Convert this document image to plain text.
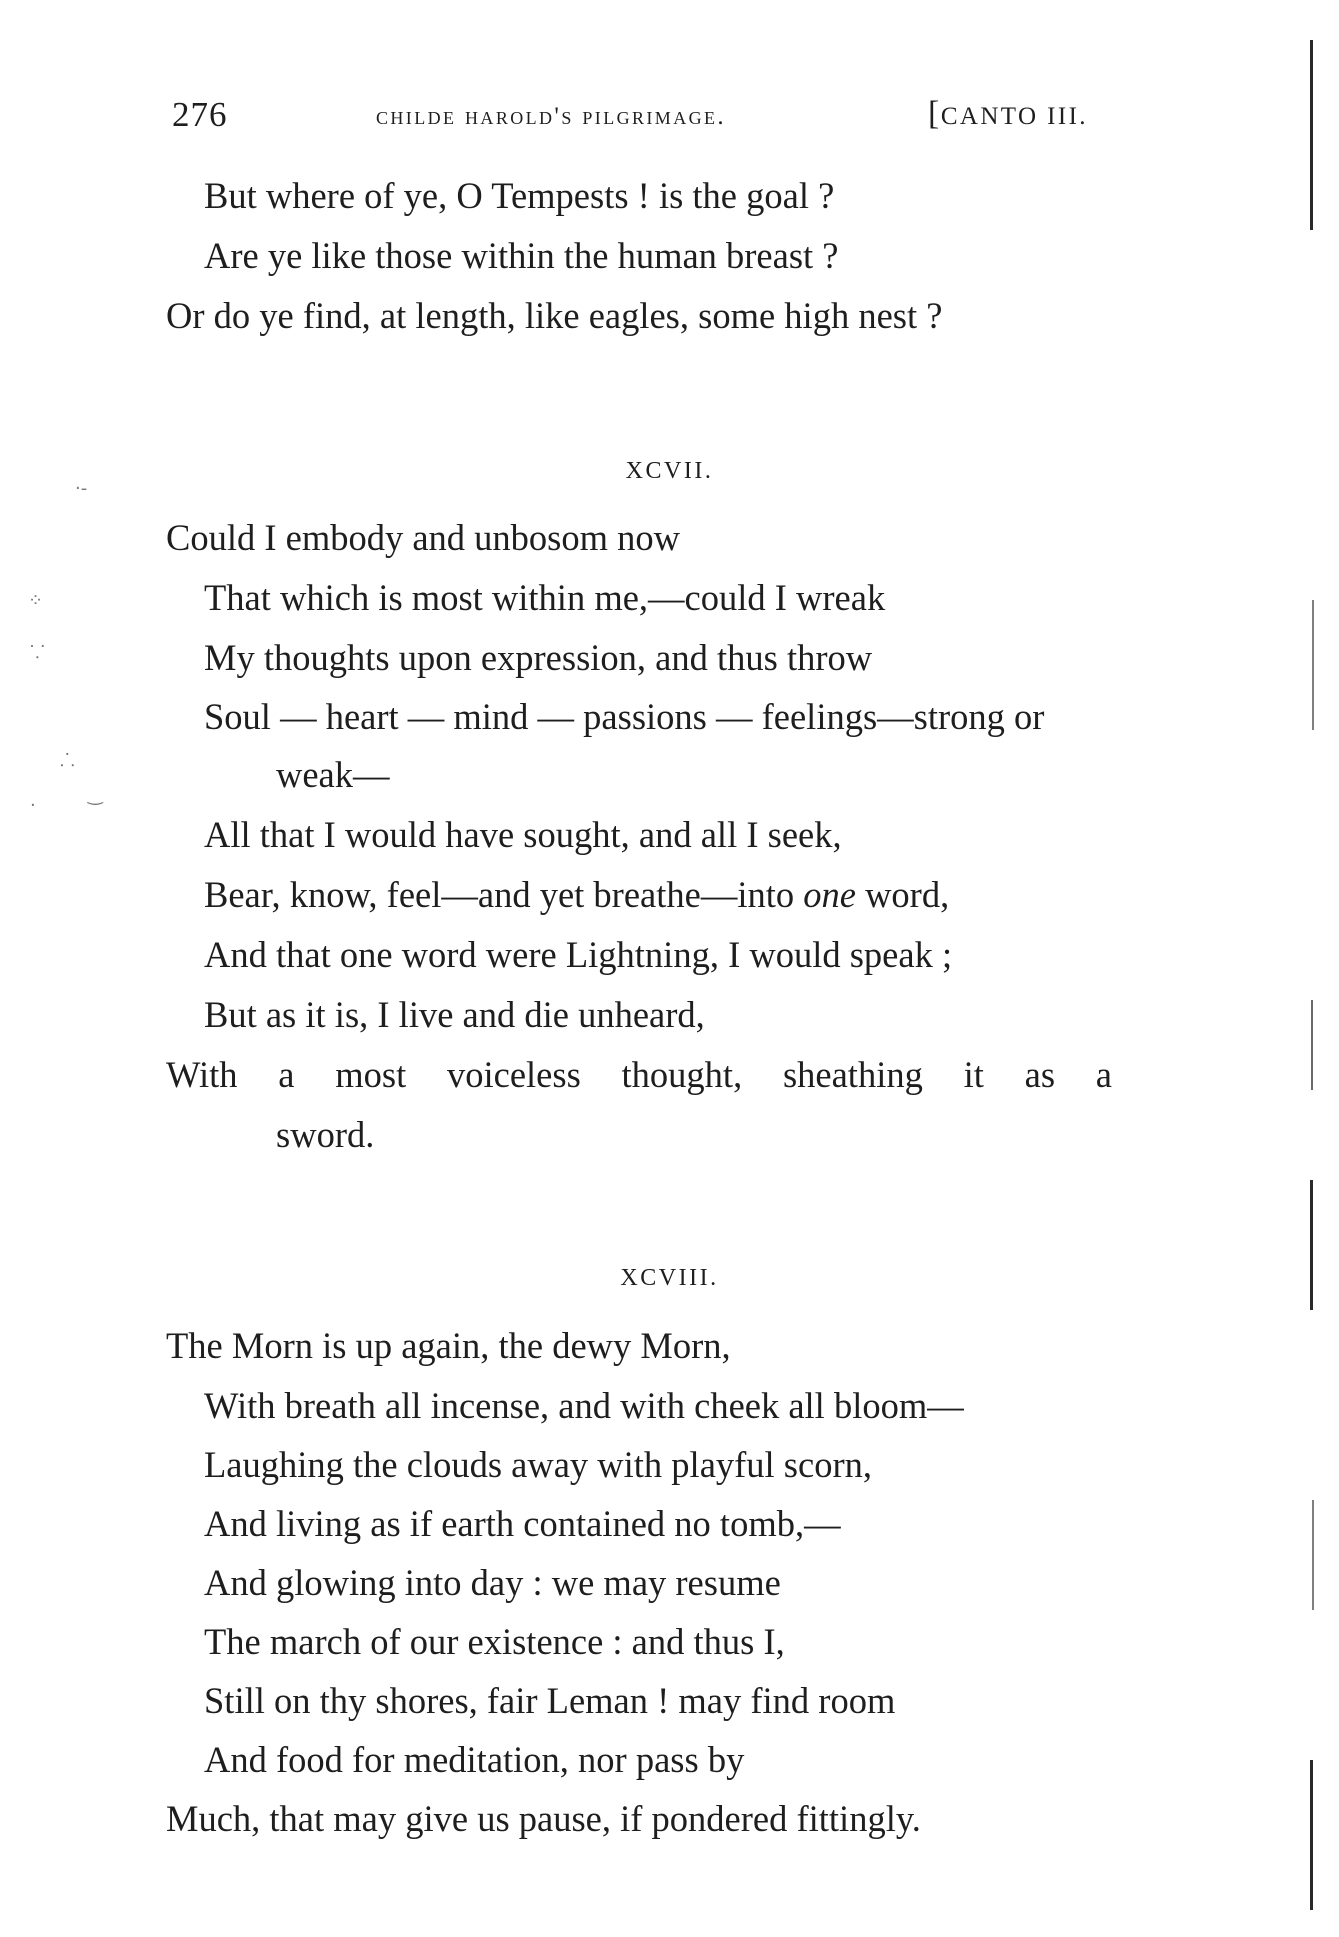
276	childe harold's pilgrimage.	[CANTO III.
But where of ye, O Tempests ! is the goal ?
Are ye like those within the human breast ?
Or do ye find, at length, like eagles, some high nest ?
XCVII.
Could I embody and unbosom now
That which is most within me,—could I wreak
My thoughts upon expression, and thus throw
Soul — heart — mind — passions — feelings—strong or
weak—
All that I would have sought, and all I seek,
Bear, know, feel—and yet breathe—into one word,
And that one word were Lightning, I would speak ;
But as it is, I live and die unheard,
With a most voiceless thought, sheathing it as a
sword.
XCVIII.
The Morn is up again, the dewy Morn,
With breath all incense, and with cheek all bloom—
Laughing the clouds away with playful scorn,
And living as if earth contained no tomb,—
And glowing into day : we may resume
The march of our existence : and thus I,
Still on thy shores, fair Leman ! may find room
And food for meditation, nor pass by
Much, that may give us pause, if pondered fittingly.
·‐
⁘
⸪
⸫
‿
·
